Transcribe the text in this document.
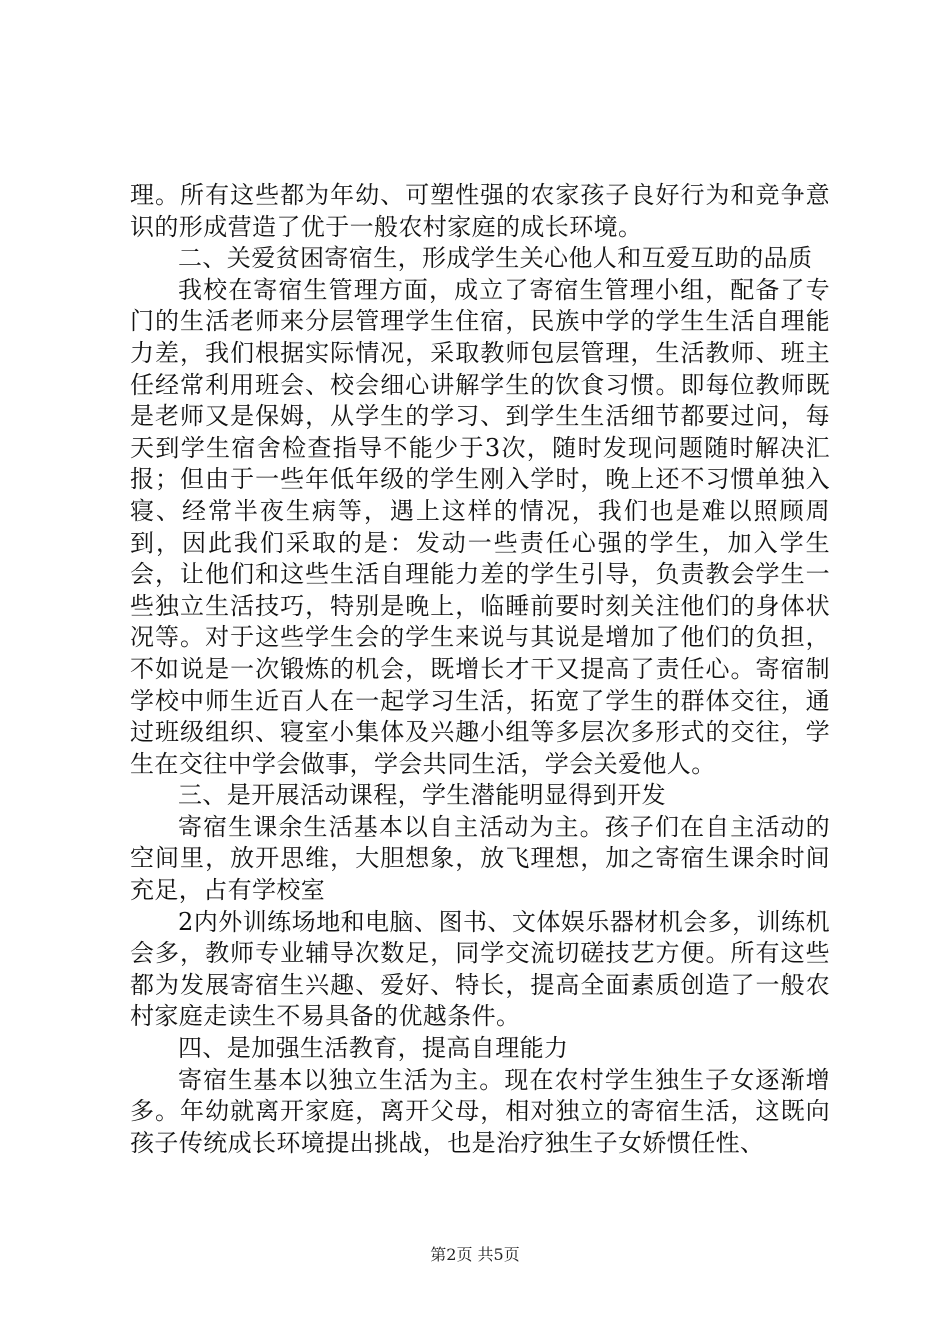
理。所有这些都为年幼、可塑性强的农家孩子良好行为和竞争意识的形成营造了优于一般农村家庭的成长环境。

二、关爱贫困寄宿生，形成学生关心他人和互爱互助的品质

我校在寄宿生管理方面，成立了寄宿生管理小组，配备了专门的生活老师来分层管理学生住宿，民族中学的学生生活自理能力差，我们根据实际情况，采取教师包层管理，生活教师、班主任经常利用班会、校会细心讲解学生的饮食习惯。即每位教师既是老师又是保姆，从学生的学习、到学生生活细节都要过问，每天到学生宿舍检查指导不能少于3次，随时发现问题随时解决汇报；但由于一些年低年级的学生刚入学时，晚上还不习惯单独入寝、经常半夜生病等，遇上这样的情况，我们也是难以照顾周到，因此我们采取的是：发动一些责任心强的学生，加入学生会，让他们和这些生活自理能力差的学生引导，负责教会学生一些独立生活技巧，特别是晚上，临睡前要时刻关注他们的身体状况等。对于这些学生会的学生来说与其说是增加了他们的负担，不如说是一次锻炼的机会，既增长才干又提高了责任心。寄宿制学校中师生近百人在一起学习生活，拓宽了学生的群体交往，通过班级组织、寝室小集体及兴趣小组等多层次多形式的交往，学生在交往中学会做事，学会共同生活，学会关爱他人。

三、是开展活动课程，学生潜能明显得到开发

寄宿生课余生活基本以自主活动为主。孩子们在自主活动的空间里，放开思维，大胆想象，放飞理想，加之寄宿生课余时间充足，占有学校室

2内外训练场地和电脑、图书、文体娱乐器材机会多，训练机会多，教师专业辅导次数足，同学交流切磋技艺方便。所有这些都为发展寄宿生兴趣、爱好、特长，提高全面素质创造了一般农村家庭走读生不易具备的优越条件。

四、是加强生活教育，提高自理能力

寄宿生基本以独立生活为主。现在农村学生独生子女逐渐增多。年幼就离开家庭，离开父母，相对独立的寄宿生活，这既向孩子传统成长环境提出挑战，也是治疗独生子女娇惯任性、

第2页 共5页
